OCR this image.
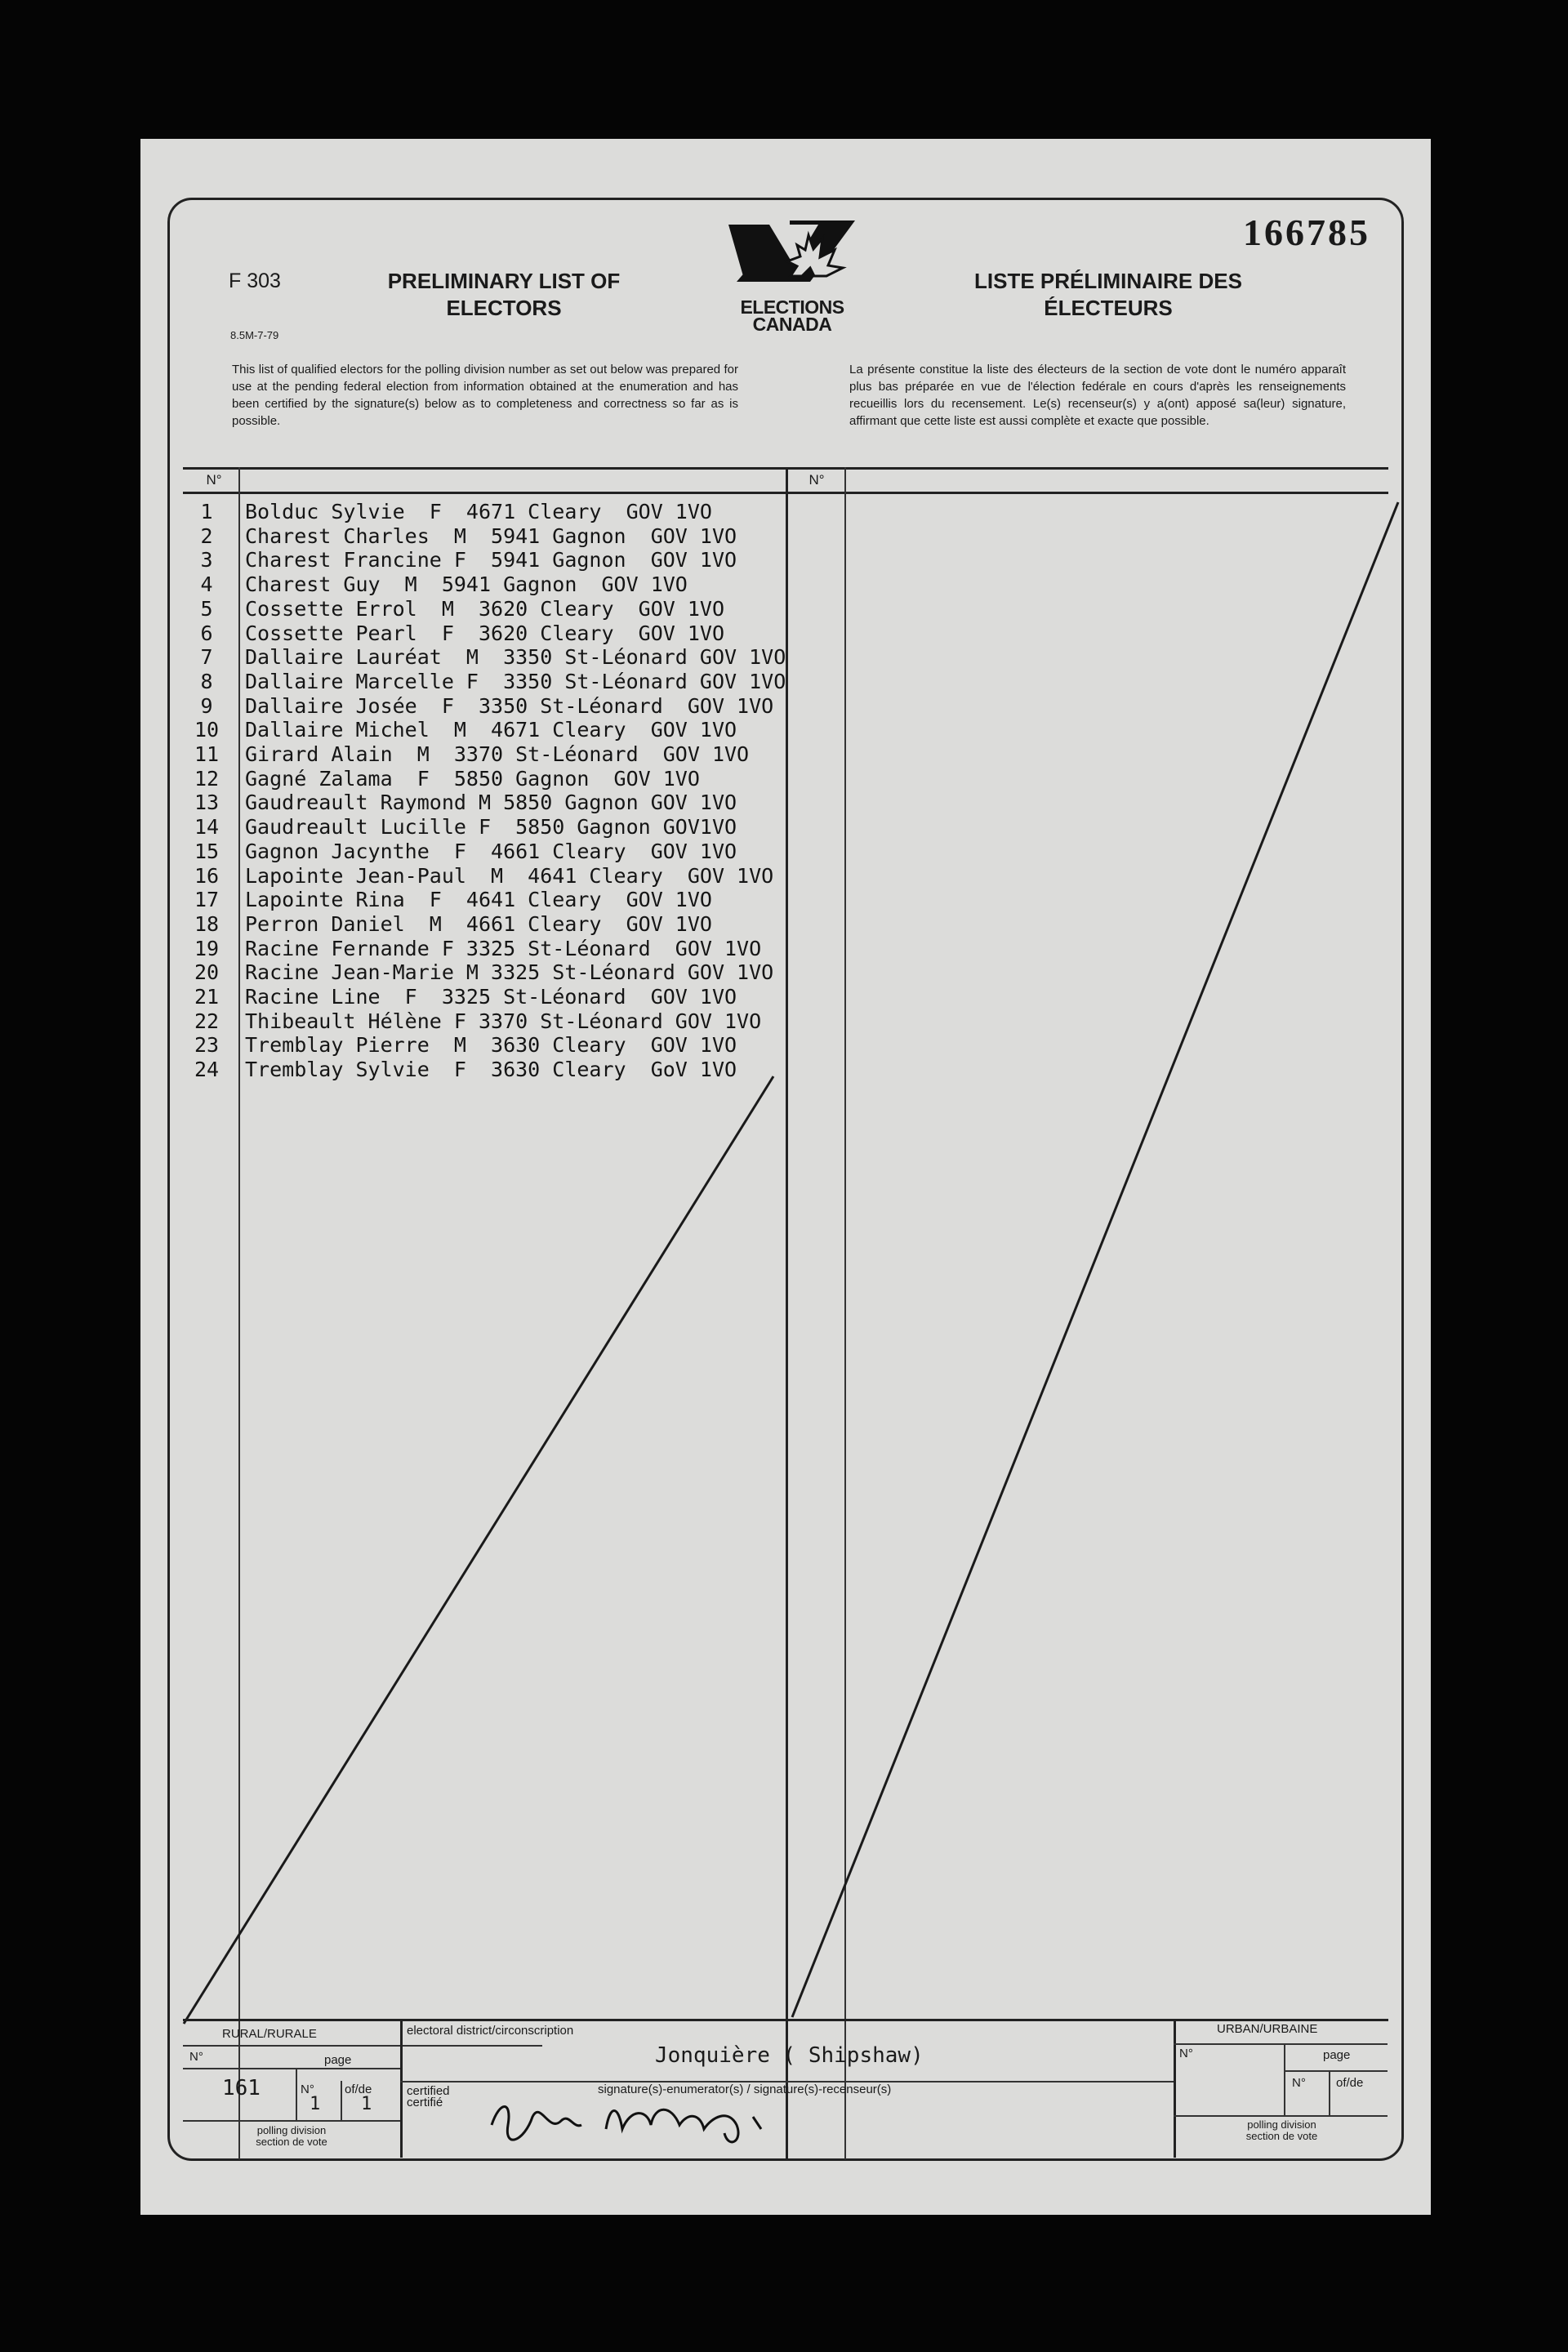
166785
F 303
8.5M-7-79
PRELIMINARY LIST OF ELECTORS
LISTE PRÉLIMINAIRE DES ÉLECTEURS
ELECTIONS
CANADA
This list of qualified electors for the polling division number as set out below was prepared for use at the pending federal election from information obtained at the enumeration and has been certified by the signature(s) below as to completeness and correctness so far as is possible.
La présente constitue la liste des électeurs de la section de vote dont le numéro apparaît plus bas préparée en vue de l'élection fedérale en cours d'après les renseignements recueillis lors du recensement. Le(s) recenseur(s) y a(ont) apposé sa(leur) signature, affirmant que cette liste est aussi complète et exacte que possible.
N°	N°
1	Bolduc Sylvie  F  4671 Cleary  GOV 1VO
2	Charest Charles  M  5941 Gagnon  GOV 1VO
3	Charest Francine F  5941 Gagnon  GOV 1VO
4	Charest Guy  M  5941 Gagnon  GOV 1VO
5	Cossette Errol  M  3620 Cleary  GOV 1VO
6	Cossette Pearl  F  3620 Cleary  GOV 1VO
7	Dallaire Lauréat  M  3350 St-Léonard GOV 1VO
8	Dallaire Marcelle F  3350 St-Léonard GOV 1VO
9	Dallaire Josée  F  3350 St-Léonard  GOV 1VO
10	Dallaire Michel  M  4671 Cleary  GOV 1VO
11	Girard Alain  M  3370 St-Léonard  GOV 1VO
12	Gagné Zalama  F  5850 Gagnon  GOV 1VO
13	Gaudreault Raymond M 5850 Gagnon GOV 1VO
14	Gaudreault Lucille F  5850 Gagnon GOV1VO
15	Gagnon Jacynthe  F  4661 Cleary  GOV 1VO
16	Lapointe Jean-Paul  M  4641 Cleary  GOV 1VO
17	Lapointe Rina  F  4641 Cleary  GOV 1VO
18	Perron Daniel  M  4661 Cleary  GOV 1VO
19	Racine Fernande F 3325 St-Léonard  GOV 1VO
20	Racine Jean-Marie M 3325 St-Léonard GOV 1VO
21	Racine Line  F  3325 St-Léonard  GOV 1VO
22	Thibeault Hélène F 3370 St-Léonard GOV 1VO
23	Tremblay Pierre  M  3630 Cleary  GOV 1VO
24	Tremblay Sylvie  F  3630 Cleary  GoV 1VO
RURAL/RURALE
N°	page
161	N°
1
of/de
1
polling division
section de vote
electoral district/circonscription
Jonquière ( Shipshaw)
certified
certifié
signature(s)-enumerator(s) / signature(s)-recenseur(s)
URBAN/URBAINE
N°	page
N° of/de
polling division
section de vote
